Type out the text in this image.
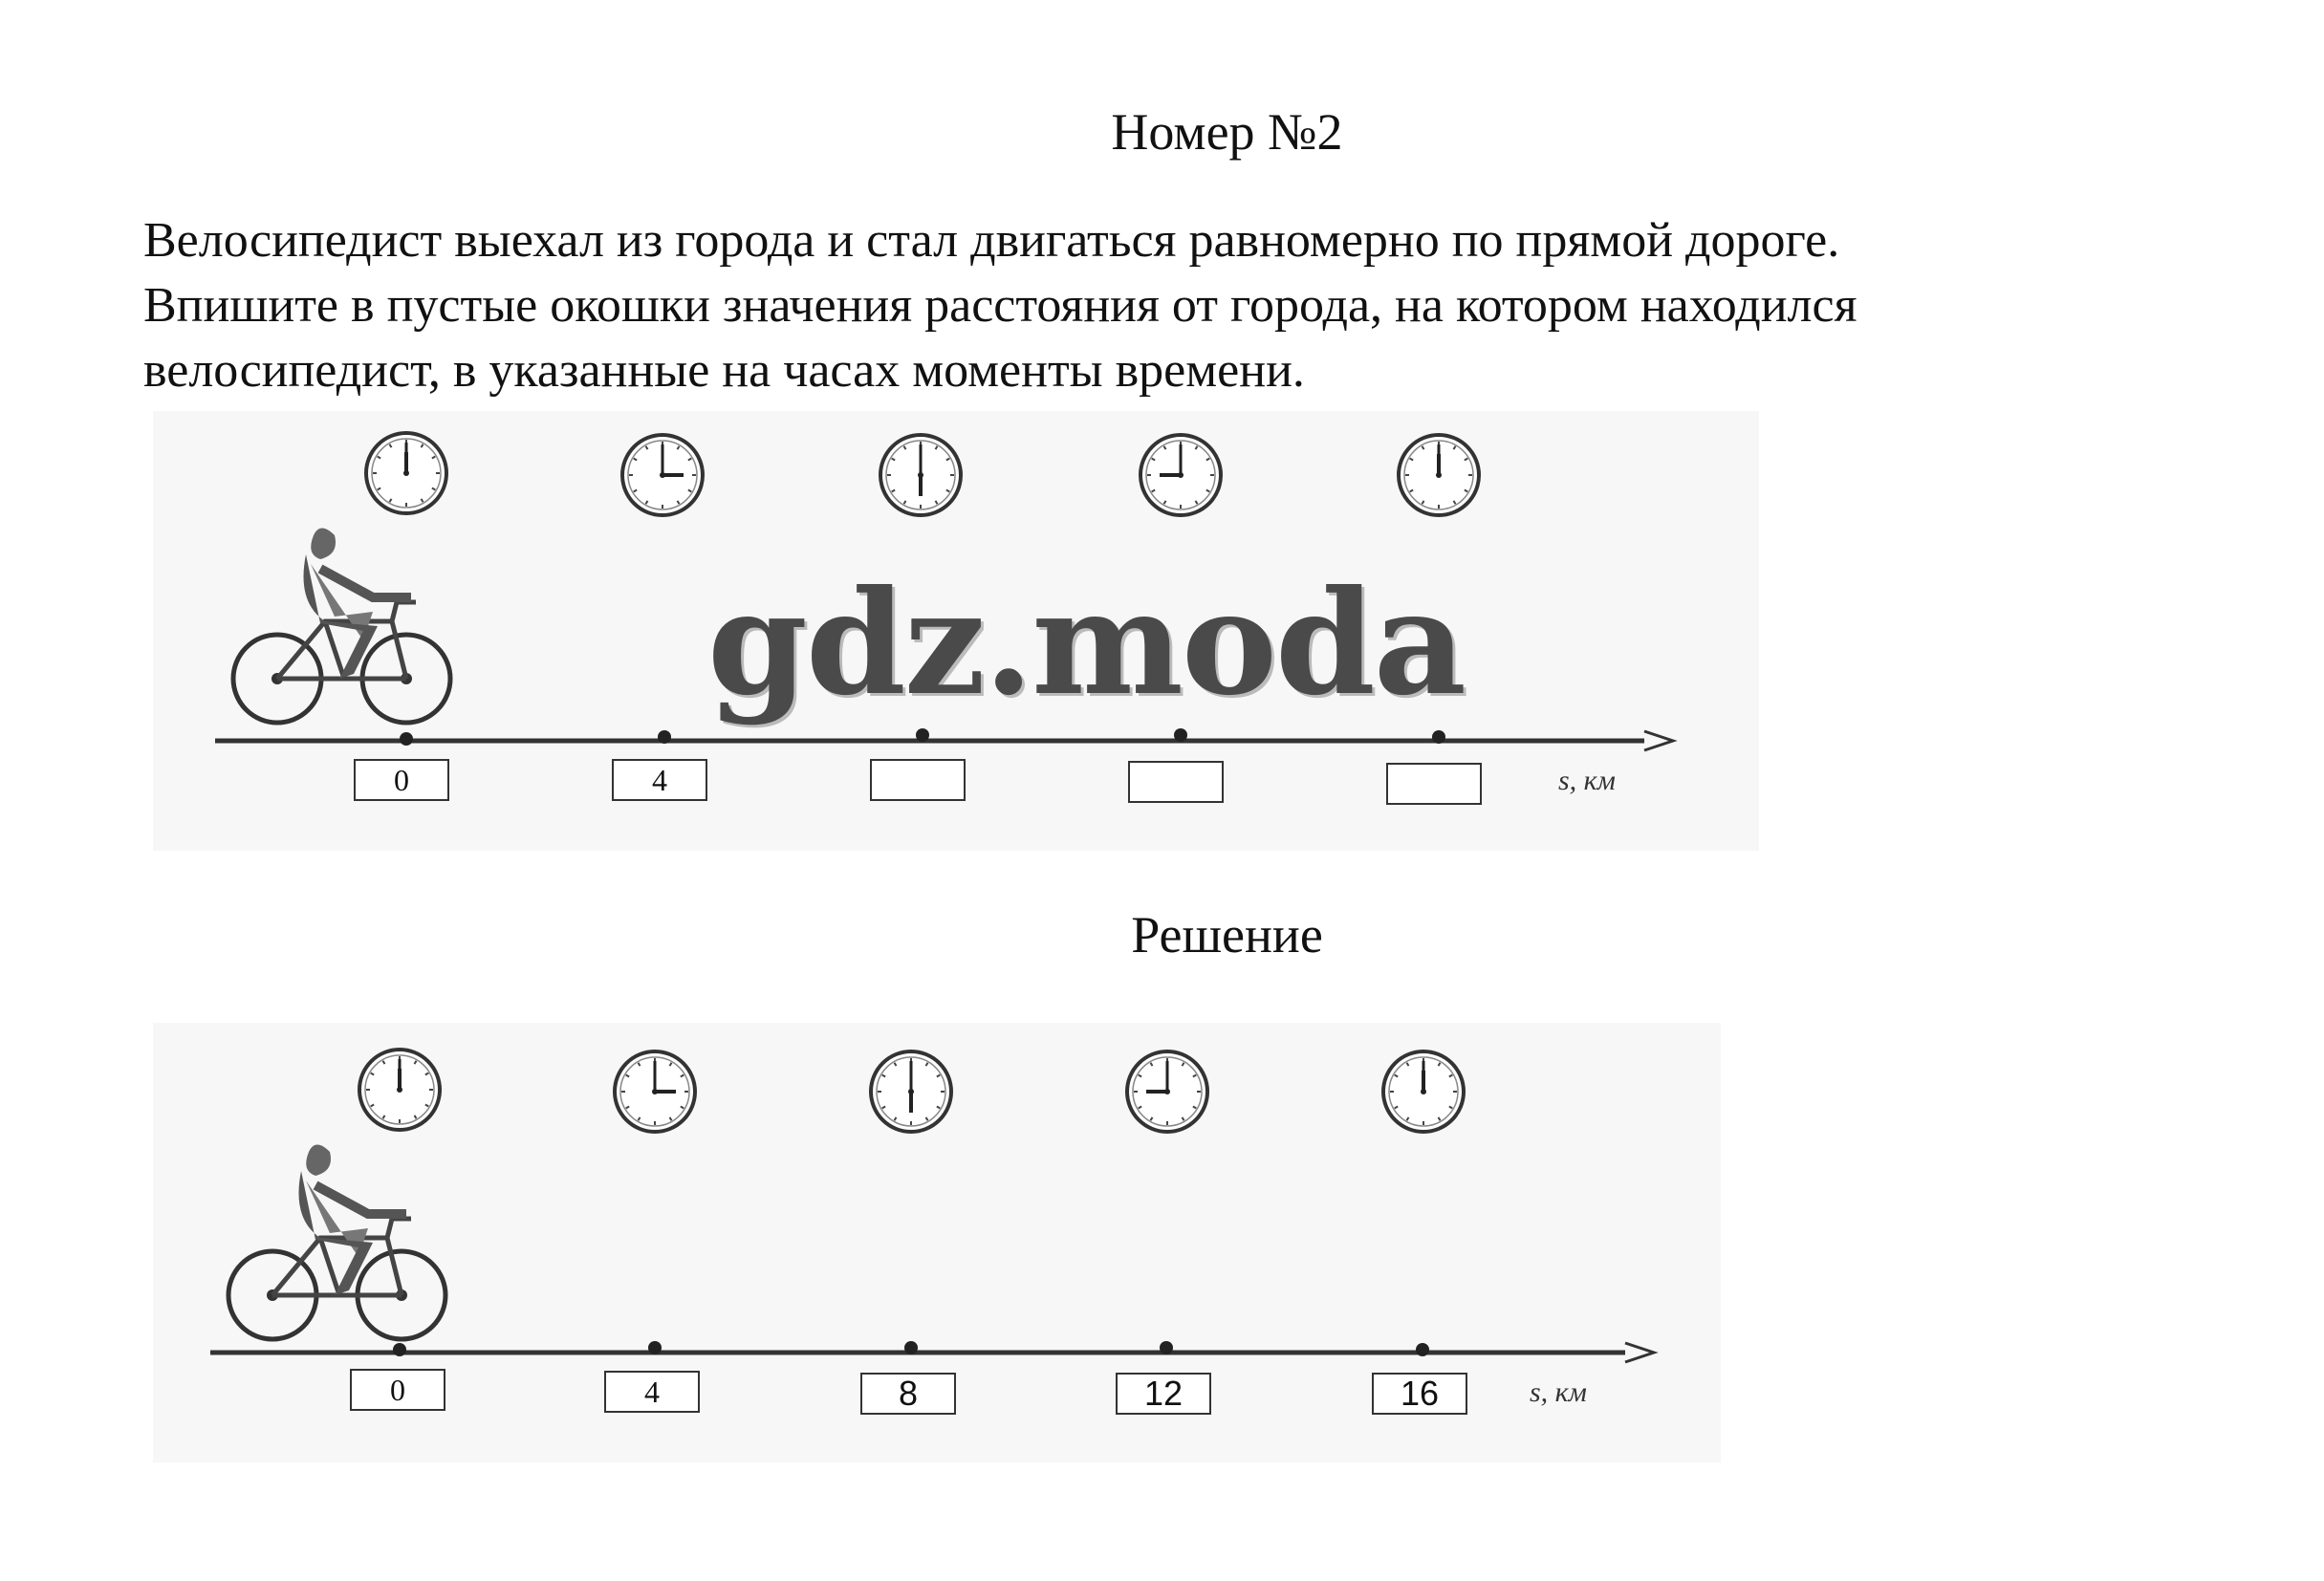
Номер №2
Велосипедист выехал из города и стал двигаться равномерно по прямой дороге.
Впишите в пустые окошки значения расстояния от города, на котором находился
велосипедист, в указанные на часах моменты времени.
0	4	s, км
gdz.moda
Решение
0	4	8	12	16	s, км
